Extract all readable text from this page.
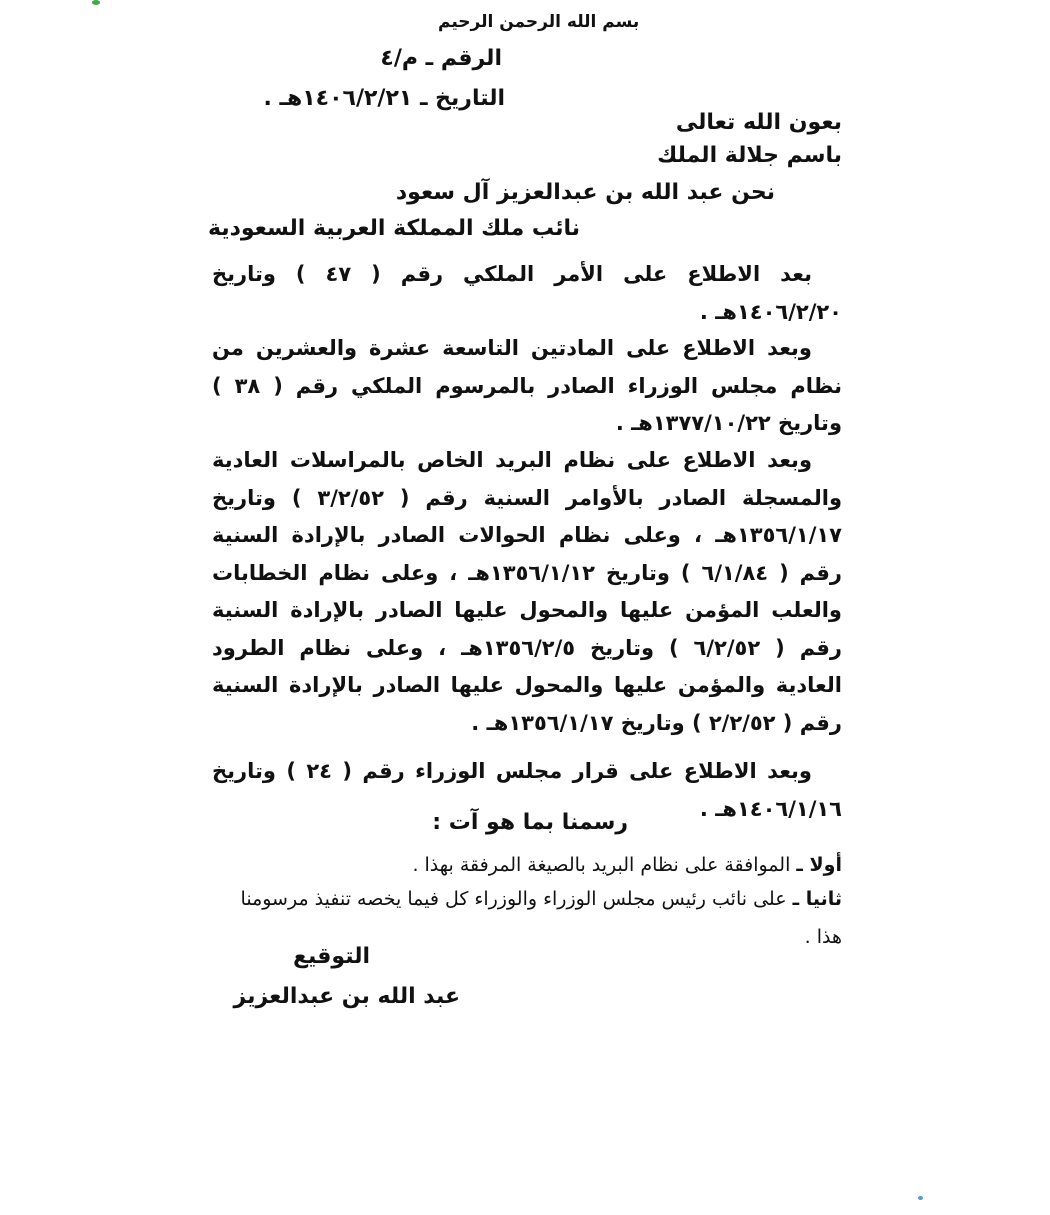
بسم الله الرحمن الرحيم
الرقم ـ م/٤
التاريخ ـ ١٤٠٦/٢/٢١هـ .
بعون الله تعالى
باسم جلالة الملك
نحن عبد الله بن عبدالعزيز آل سعود
نائب ملك المملكة العربية السعودية

بعد الاطلاع على الأمر الملكي رقم ( ٤٧ ) وتاريخ ١٤٠٦/٢/٢٠هـ .

وبعد الاطلاع على المادتين التاسعة عشرة والعشرين من نظام مجلس الوزراء الصادر بالمرسوم الملكي رقم ( ٣٨ ) وتاريخ ١٣٧٧/١٠/٢٢هـ .

وبعد الاطلاع على نظام البريد الخاص بالمراسلات العادية والمسجلة الصادر بالأوامر السنية رقم ( ٣/٢/٥٢ ) وتاريخ ١٣٥٦/١/١٧هـ ، وعلى نظام الحوالات الصادر بالإرادة السنية رقم ( ٦/١/٨٤ ) وتاريخ ١٣٥٦/١/١٢هـ ، وعلى نظام الخطابات والعلب المؤمن عليها والمحول عليها الصادر بالإرادة السنية رقم ( ٦/٢/٥٢ ) وتاريخ ١٣٥٦/٢/٥هـ ، وعلى نظام الطرود العادية والمؤمن عليها والمحول عليها الصادر بالإرادة السنية رقم ( ٢/٢/٥٢ ) وتاريخ ١٣٥٦/١/١٧هـ .

وبعد الاطلاع على قرار مجلس الوزراء رقم ( ٢٤ ) وتاريخ ١٤٠٦/١/١٦هـ .

رسمنا بما هو آت :

أولا ـ الموافقة على نظام البريد بالصيغة المرفقة بهذا .

ثانيا ـ على نائب رئيس مجلس الوزراء والوزراء كل فيما يخصه تنفيذ مرسومنا هذا .

التوقيع
عبد الله بن عبدالعزيز
